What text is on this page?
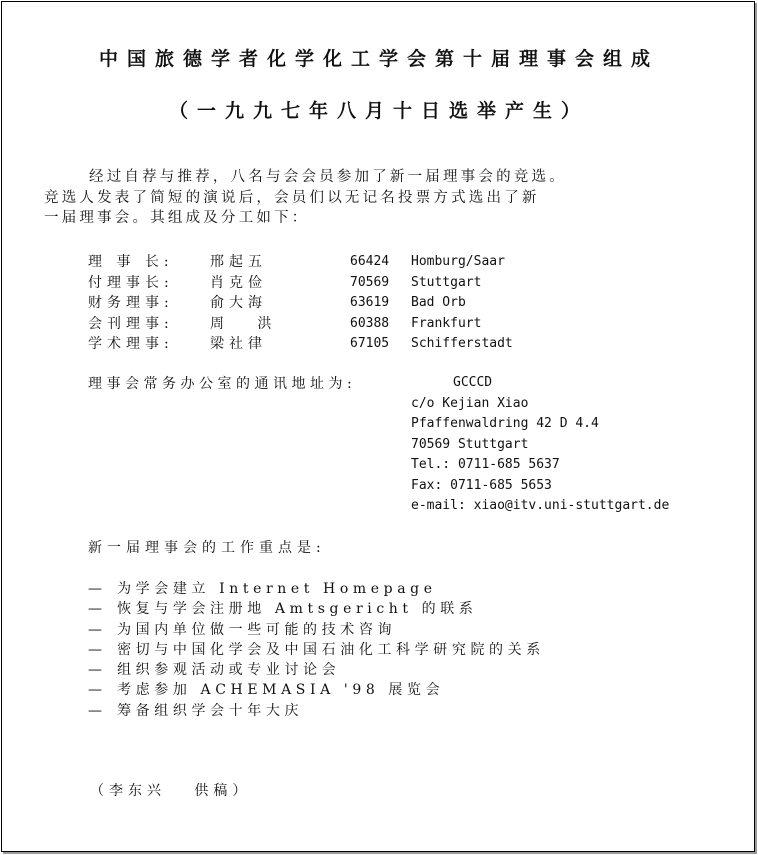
中国旅德学者化学化工学会第十届理事会组成
（一九九七年八月十日选举产生）
经过自荐与推荐，八名与会会员参加了新一届理事会的竞选。
竞选人发表了简短的演说后，会员们以无记名投票方式选出了新
一届理事会。其组成及分工如下：
理 事 长:	邢起五	66424 Homburg/Saar
付理事长:	肖克俭	70569 Stuttgart
财务理事:	俞大海	63619 Bad Orb
会刊理事:	周　 洪	60388 Frankfurt
学术理事:	梁社律	67105 Schifferstadt
理事会常务办公室的通讯地址为:	GCCCD
c/o Kejian Xiao
Pfaffenwaldring 42 D 4.4
70569 Stuttgart
Tel.: 0711-685 5637
Fax: 0711-685 5653
e-mail: xiao@itv.uni-stuttgart.de
新一届理事会的工作重点是:
— 为学会建立 Internet Homepage
— 恢复与学会注册地 Amtsgericht 的联系
— 为国内单位做一些可能的技术咨询
— 密切与中国化学会及中国石油化工科学研究院的关系
— 组织参观活动或专业讨论会
— 考虑参加 ACHEMASIA '98 展览会
— 筹备组织学会十年大庆
（李东兴   供稿）
